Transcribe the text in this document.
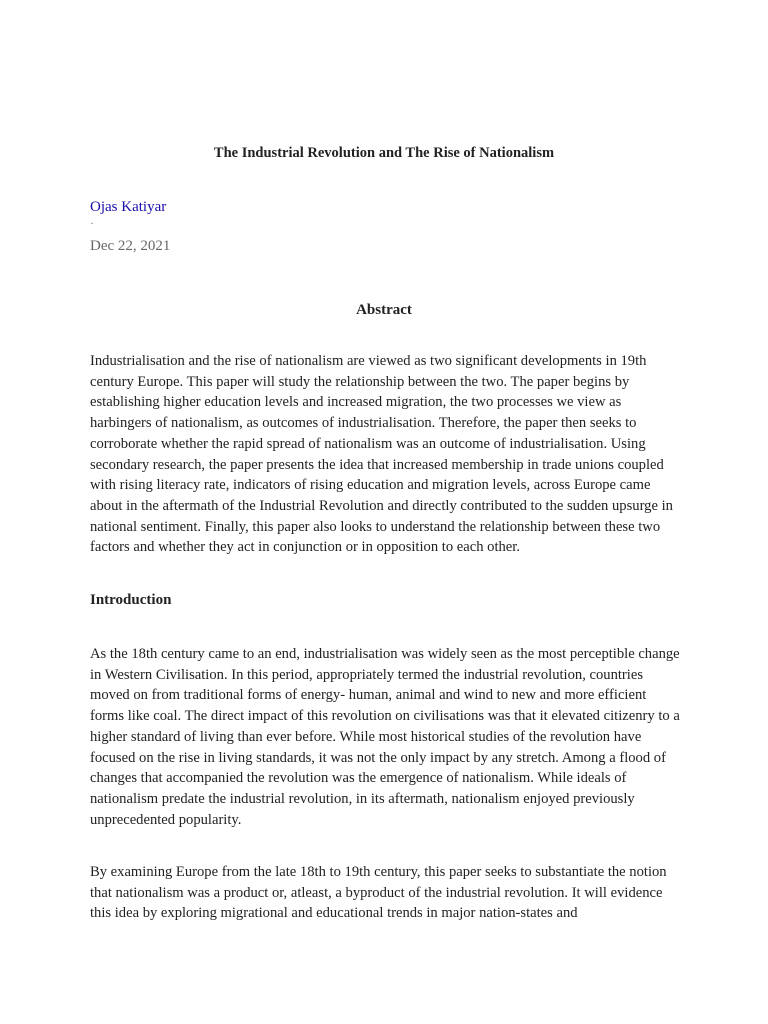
The Industrial Revolution and The Rise of Nationalism
Ojas Katiyar
·
Dec 22, 2021
Abstract

Industrialisation and the rise of nationalism are viewed as two significant developments in 19th century Europe. This paper will study the relationship between the two. The paper begins by establishing higher education levels and increased migration, the two processes we view as harbingers of nationalism, as outcomes of industrialisation. Therefore, the paper then seeks to corroborate whether the rapid spread of nationalism was an outcome of industrialisation. Using secondary research, the paper presents the idea that increased membership in trade unions coupled with rising literacy rate, indicators of rising education and migration levels, across Europe came about in the aftermath of the Industrial Revolution and directly contributed to the sudden upsurge in national sentiment. Finally, this paper also looks to understand the relationship between these two factors and whether they act in conjunction or in opposition to each other.

Introduction

As the 18th century came to an end, industrialisation was widely seen as the most perceptible change in Western Civilisation. In this period, appropriately termed the industrial revolution, countries moved on from traditional forms of energy- human, animal and wind to new and more efficient forms like coal. The direct impact of this revolution on civilisations was that it elevated citizenry to a higher standard of living than ever before. While most historical studies of the revolution have focused on the rise in living standards, it was not the only impact by any stretch. Among a flood of changes that accompanied the revolution was the emergence of nationalism. While ideals of nationalism predate the industrial revolution, in its aftermath, nationalism enjoyed previously unprecedented popularity.

By examining Europe from the late 18th to 19th century, this paper seeks to substantiate the notion that nationalism was a product or, atleast, a byproduct of the industrial revolution. It will evidence this idea by exploring migrational and educational trends in major nation-states and
